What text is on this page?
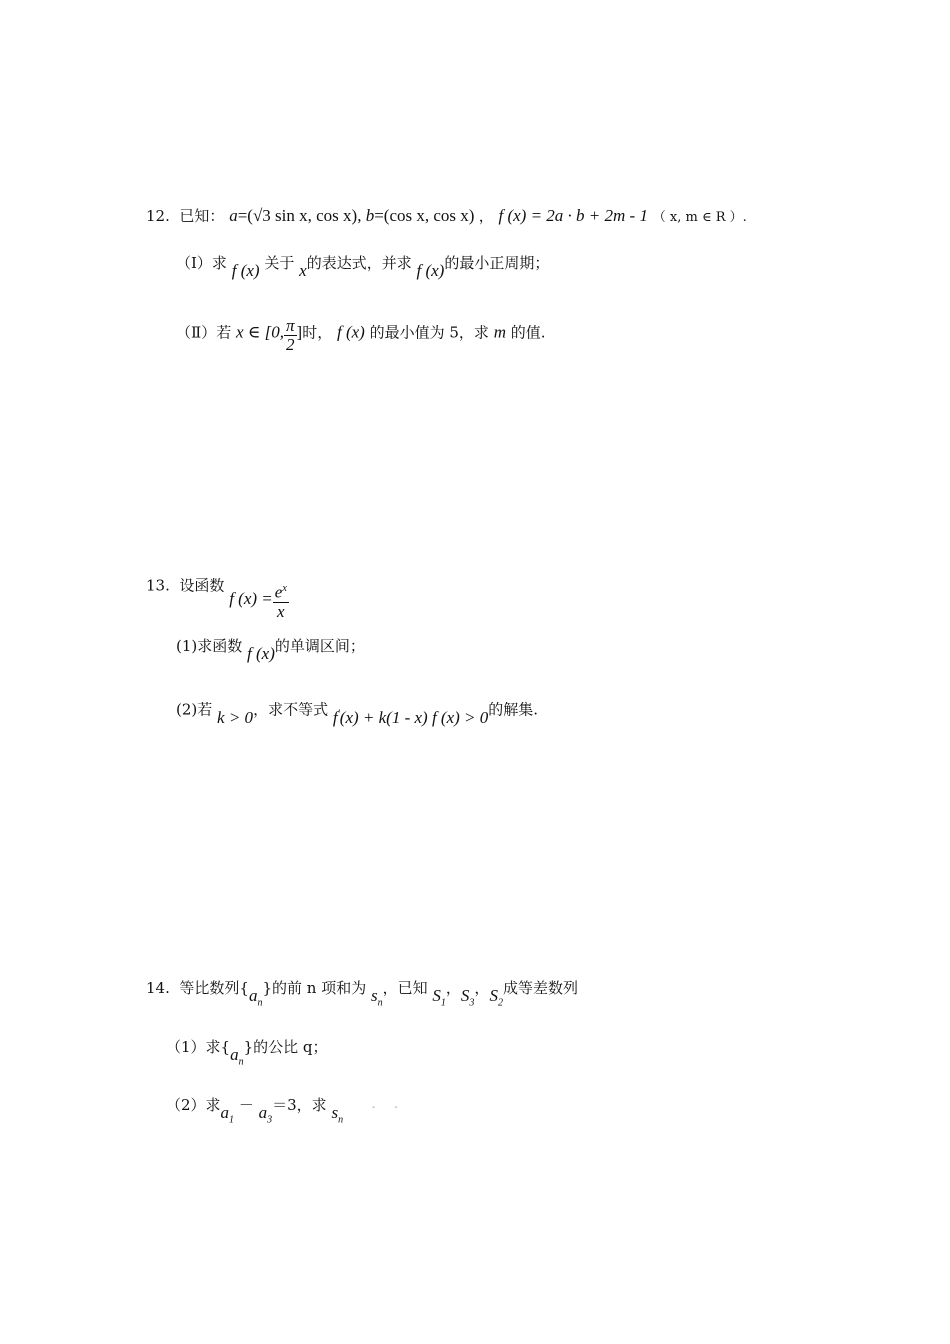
12. 已知： a=(√3 sin x, cos x), b=(cos x, cos x) ， f (x) = 2a · b + 2m - 1 （ x, m ∈ R ）.
（Ⅰ）求 f (x) 关于 x的表达式，并求 f (x)的最小正周期；
（Ⅱ）若 x ∈ [0, $\frac{\pi}{2}$ ]时， f (x) 的最小值为 5，求 m 的值.
13. 设函数 f $(x) = \frac{e^x}{x}$
(1)求函数 f (x)的单调区间；
(2)若 k > 0，求不等式 f′(x) + k(1 - x) f (x) > 0的解集.
14. 等比数列$\{a_n\}$的前 n 项和为 $s_n$，已知 $S_1$，$S_3$，$S_2$成等差数列
（1）求$\{a_n\}$的公比 q；
（2）求$a_1 - a_3=3$，求 $s_n$ - -
